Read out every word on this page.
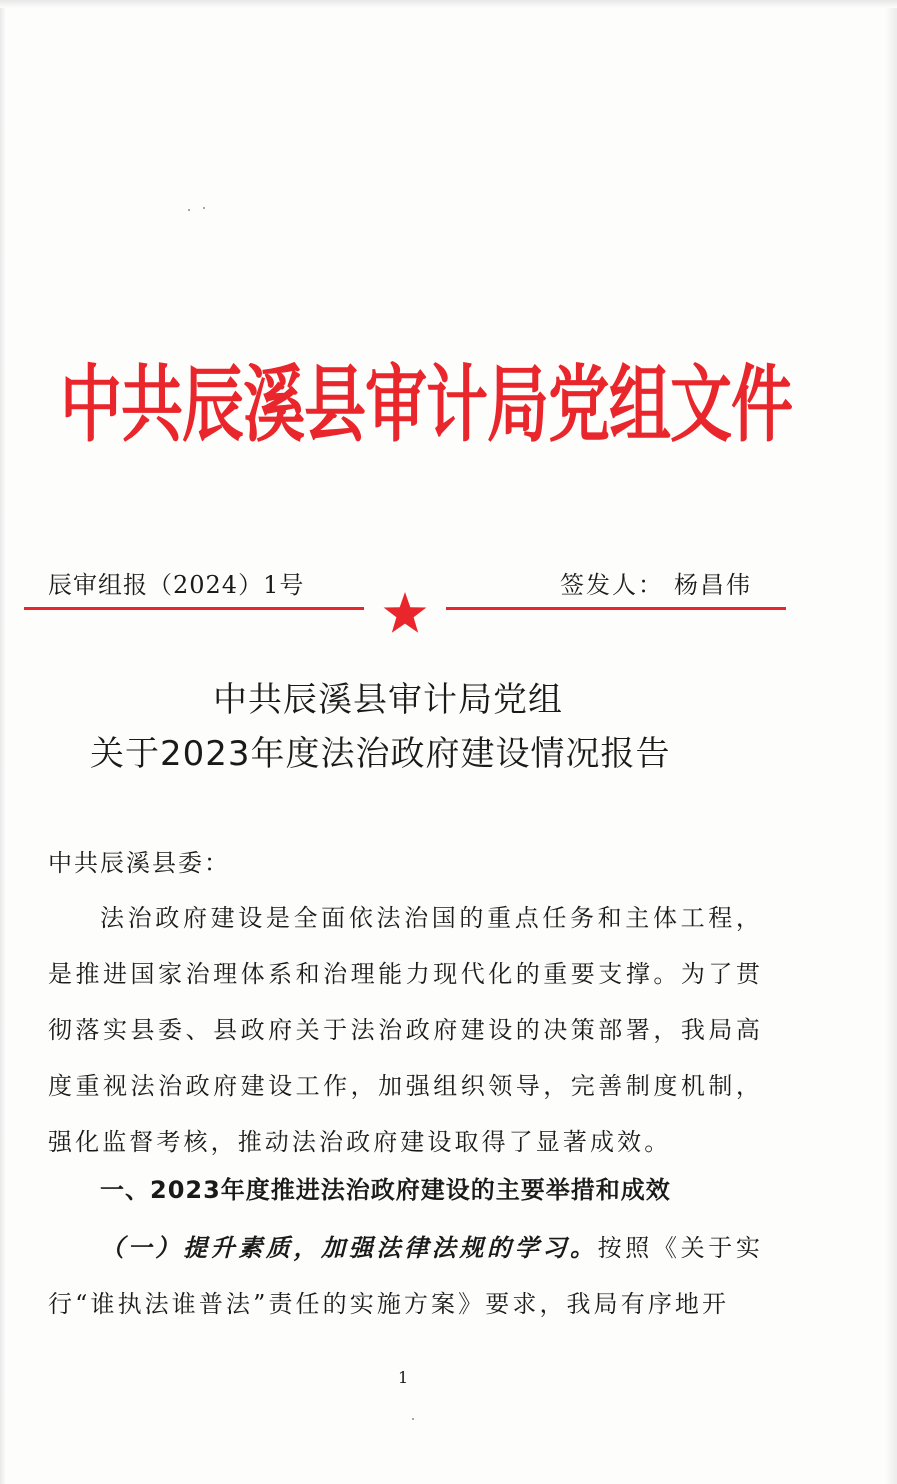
中共辰溪县审计局党组文件
辰审组报（2024）1号	签发人： 杨昌伟
中共辰溪县审计局党组
关于2023年度法治政府建设情况报告
中共辰溪县委：

法治政府建设是全面依法治国的重点任务和主体工程，是推进国家治理体系和治理能力现代化的重要支撑。为了贯彻落实县委、县政府关于法治政府建设的决策部署，我局高度重视法治政府建设工作，加强组织领导，完善制度机制，强化监督考核，推动法治政府建设取得了显著成效。

一、2023年度推进法治政府建设的主要举措和成效

（一）提升素质，加强法律法规的学习。按照《关于实行“谁执法谁普法”责任的实施方案》要求，我局有序地开

1
